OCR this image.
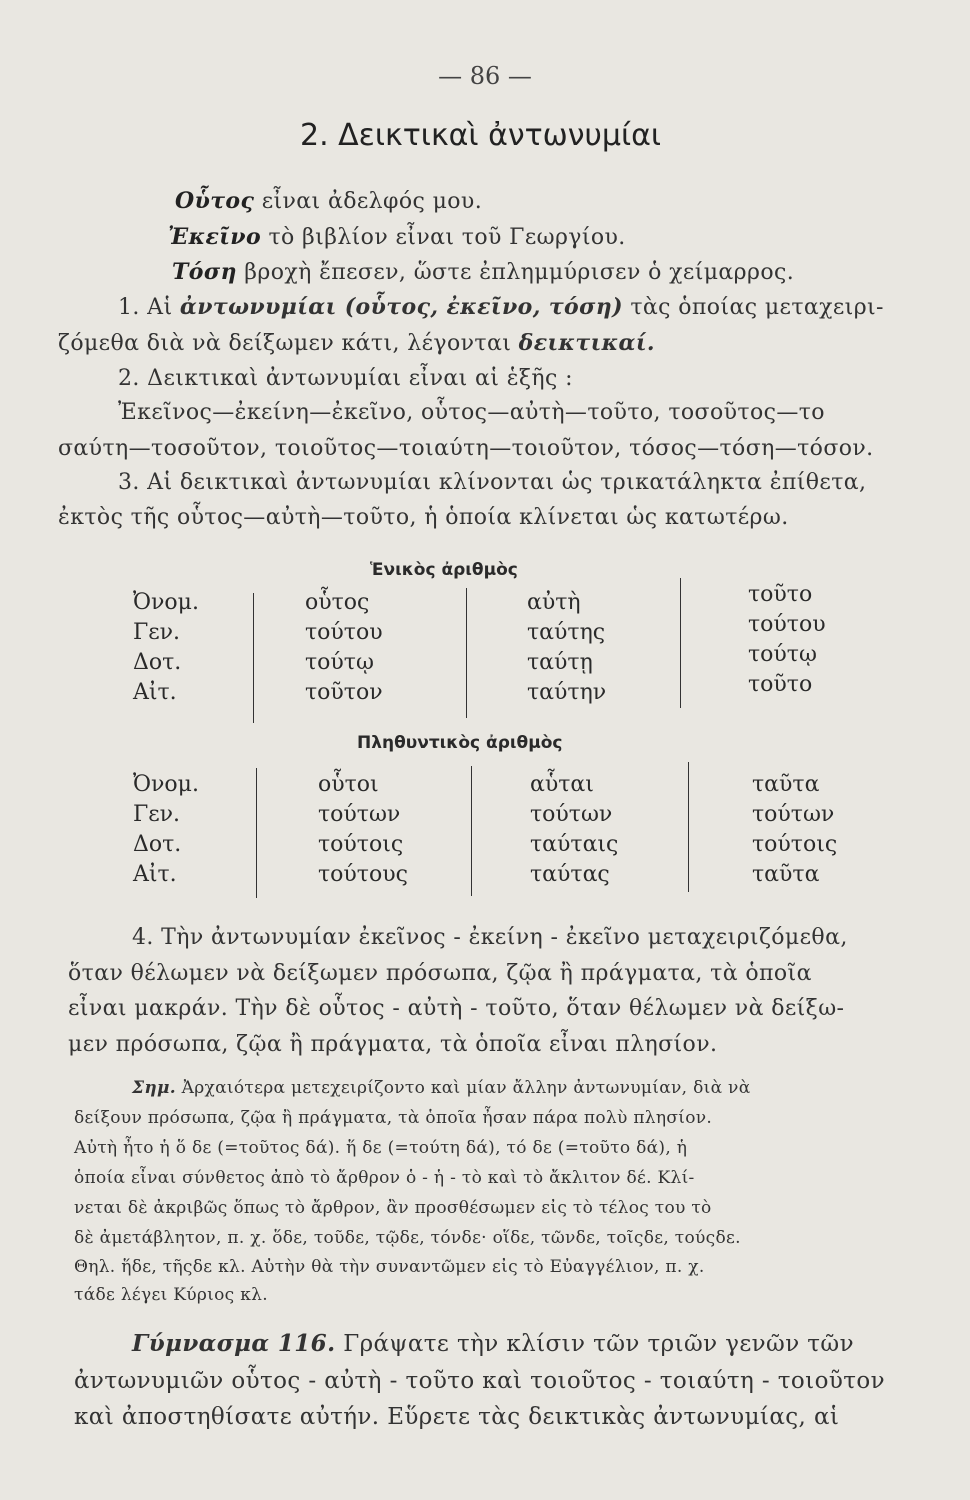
— 86 —
2. Δεικτικαὶ ἀντωνυμίαι
Οὗτος εἶναι ἀδελφός μου.
Ἐκεῖνο τὸ βιβλίον εἶναι τοῦ Γεωργίου.
Τόση βροχὴ ἔπεσεν, ὥστε ἐπλημμύρισεν ὁ χείμαρρος.
1. Αἱ ἀντωνυμίαι (οὗτος, ἐκεῖνο, τόση) τὰς ὁποίας μεταχειρι-
ζόμεθα διὰ νὰ δείξωμεν κάτι, λέγονται δεικτικαί.
2. Δεικτικαὶ ἀντωνυμίαι εἶναι αἱ ἑξῆς :
Ἐκεῖνος—ἐκείνη—ἐκεῖνο, οὗτος—αὐτὴ—τοῦτο, τοσοῦτος—το
σαύτη—τοσοῦτον, τοιοῦτος—τοιαύτη—τοιοῦτον, τόσος—τόση—τόσον.
3. Αἱ δεικτικαὶ ἀντωνυμίαι κλίνονται ὡς τρικατάληκτα ἐπίθετα,
ἐκτὸς τῆς οὗτος—αὐτὴ—τοῦτο, ἡ ὁποία κλίνεται ὡς κατωτέρω.
Ἑνικὸς ἀριθμὸς
Ὀνομ.
Γεν.
Δοτ.
Αἰτ.
οὗτος
τούτου
τούτῳ
τοῦτον
αὐτὴ
ταύτης
ταύτῃ
ταύτην
τοῦτο
τούτου
τούτῳ
τοῦτο
Πληθυντικὸς ἀριθμὸς
Ὀνομ.
Γεν.
Δοτ.
Αἰτ.
οὗτοι
τούτων
τούτοις
τούτους
αὗται
τούτων
ταύταις
ταύτας
ταῦτα
τούτων
τούτοις
ταῦτα
4. Τὴν ἀντωνυμίαν ἐκεῖνος - ἐκείνη - ἐκεῖνο μεταχειριζόμεθα,
ὅταν θέλωμεν νὰ δείξωμεν πρόσωπα, ζῷα ἢ πράγματα, τὰ ὁποῖα
εἶναι μακράν. Τὴν δὲ οὗτος - αὐτὴ - τοῦτο, ὅταν θέλωμεν νὰ δείξω-
μεν πρόσωπα, ζῷα ἢ πράγματα, τὰ ὁποῖα εἶναι πλησίον.
Σημ. Ἀρχαιότερα μετεχειρίζοντο καὶ μίαν ἄλλην ἀντωνυμίαν, διὰ νὰ
δείξουν πρόσωπα, ζῷα ἢ πράγματα, τὰ ὁποῖα ἦσαν πάρα πολὺ πλησίον.
Αὐτὴ ἦτο ἡ ὅ δε (=τοῦτος δά). ἥ δε (=τούτη δά), τό δε (=τοῦτο δά), ἡ
ὁποία εἶναι σύνθετος ἀπὸ τὸ ἄρθρον ὁ - ἡ - τὸ καὶ τὸ ἄκλιτον δέ. Κλί-
νεται δὲ ἀκριβῶς ὅπως τὸ ἄρθρον, ἂν προσθέσωμεν εἰς τὸ τέλος του τὸ
δὲ ἀμετάβλητον, π. χ. ὅδε, τοῦδε, τῷδε, τόνδε· οἵδε, τῶνδε, τοῖςδε, τούςδε.
Θηλ. ἥδε, τῆςδε κλ. Αὐτὴν θὰ τὴν συναντῶμεν εἰς τὸ Εὐαγγέλιον, π. χ.
τάδε λέγει Κύριος κλ.
Γύμνασμα 116. Γράψατε τὴν κλίσιν τῶν τριῶν γενῶν τῶν
ἀντωνυμιῶν οὗτος - αὐτὴ - τοῦτο καὶ τοιοῦτος - τοιαύτη - τοιοῦτον
καὶ ἀποστηθίσατε αὐτήν. Εὕρετε τὰς δεικτικὰς ἀντωνυμίας, αἱ
